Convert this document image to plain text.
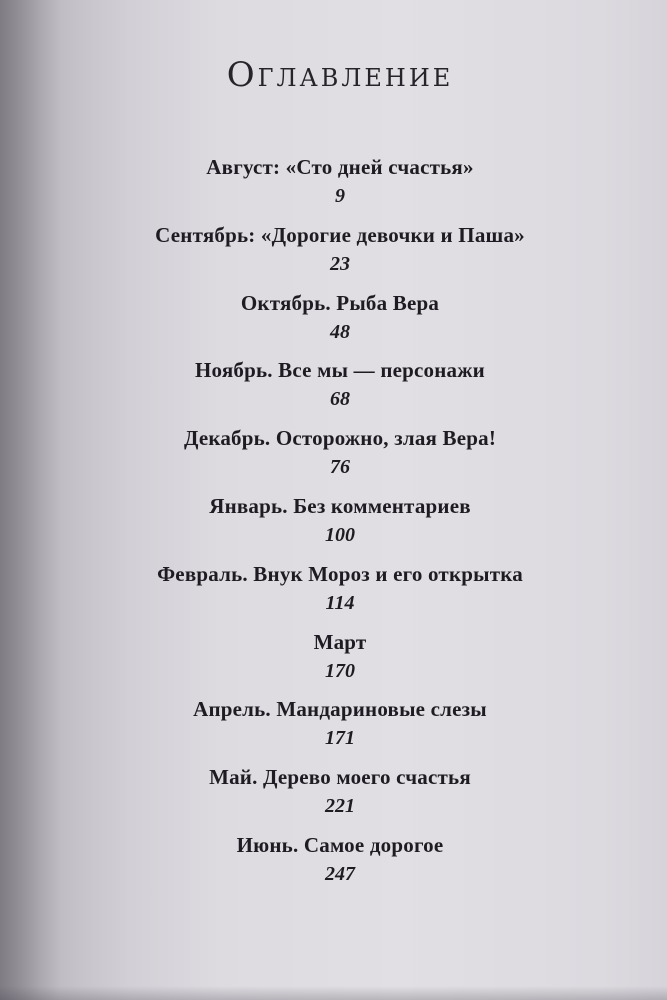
Оглавление
Август: «Сто дней счастья»
9
Сентябрь: «Дорогие девочки и Паша»
23
Октябрь. Рыба Вера
48
Ноябрь. Все мы — персонажи
68
Декабрь. Осторожно, злая Вера!
76
Январь. Без комментариев
100
Февраль. Внук Мороз и его открытка
114
Март
170
Апрель. Мандариновые слезы
171
Май. Дерево моего счастья
221
Июнь. Самое дорогое
247
